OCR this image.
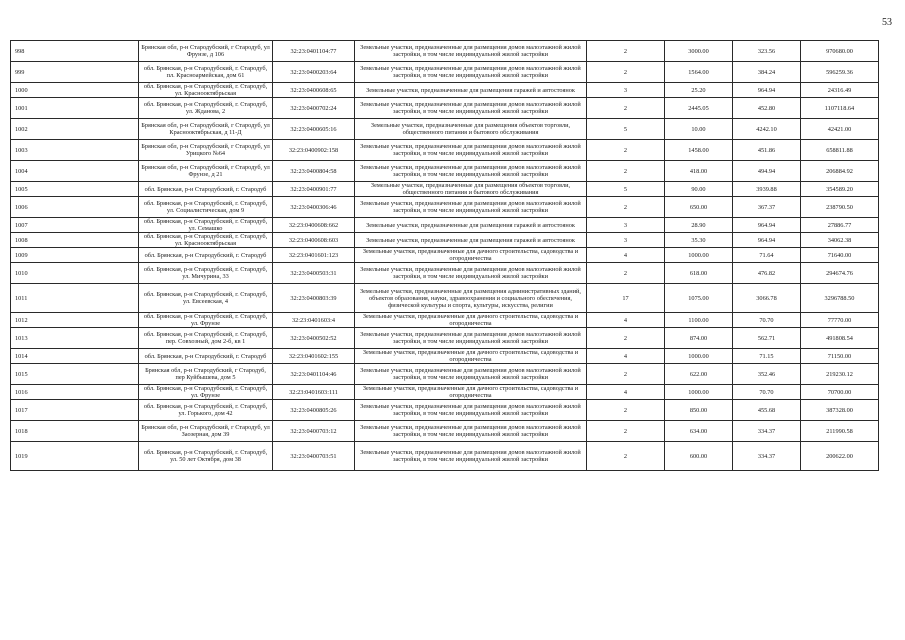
53
998	Брянская обл, р-н Стародубский, г Стародуб, ул Фрунзе, д 106	32:23:0401104:77	Земельные участки, предназначенные для размещения домов малоэтажной жилой застройки, в том числе индивидуальной жилой застройки	2	3000.00	323.56	970680.00
999	обл. Брянская, р-н Стародубский, г. Стародуб, пл. Красноармейская, дом 61	32:23:0400203:64	Земельные участки, предназначенные для размещения домов малоэтажной жилой застройки, в том числе индивидуальной жилой застройки	2	1564.00	384.24	596259.36
1000	обл. Брянская, р-н Стародубский, г. Стародуб, ул. Краснооктябрьская	32:23:0400608:65	Земельные участки, предназначенные для размещения гаражей и автостоянок	3	25.20	964.94	24316.49
1001	обл. Брянская, р-н Стародубский, г. Стародуб, ул. Жданова, 2	32:23:0400702:24	Земельные участки, предназначенные для размещения домов малоэтажной жилой застройки, в том числе индивидуальной жилой застройки	2	2445.05	452.80	1107118.64
1002	Брянская обл, р-н Стародубский, г Стародуб, ул Краснооктябрьская, д 11-Д	32:23:0400605:16	Земельные участки, предназначенные для размещения объектов торговли, общественного питания и бытового обслуживания	5	10.00	4242.10	42421.00
1003	Брянская обл, р-н Стародубский, г Стародуб, ул Урицкого №64	32:23:0400902:158	Земельные участки, предназначенные для размещения домов малоэтажной жилой застройки, в том числе индивидуальной жилой застройки	2	1458.00	451.86	658811.88
1004	Брянская обл, р-н Стародубский, г Стародуб, ул Фрунзе, д 21	32:23:0400804:58	Земельные участки, предназначенные для размещения домов малоэтажной жилой застройки, в том числе индивидуальной жилой застройки	2	418.00	494.94	206884.92
1005	обл. Брянская, р-н Стародубский, г. Стародуб	32:23:0400901:77	Земельные участки, предназначенные для размещения объектов торговли, общественного питания и бытового обслуживания	5	90.00	3939.88	354589.20
1006	обл. Брянская, р-н Стародубский, г. Стародуб, ул. Социалистическая, дом 9	32:23:0400306:46	Земельные участки, предназначенные для размещения домов малоэтажной жилой застройки, в том числе индивидуальной жилой застройки	2	650.00	367.37	238790.50
1007	обл. Брянская, р-н Стародубский, г. Стародуб, ул. Семашко	32:23:0400608:662	Земельные участки, предназначенные для размещения гаражей и автостоянок	3	28.90	964.94	27886.77
1008	обл. Брянская, р-н Стародубский, г. Стародуб, ул. Краснооктябрьская	32:23:0400608:603	Земельные участки, предназначенные для размещения гаражей и автостоянок	3	35.30	964.94	34062.38
1009	обл. Брянская, р-н Стародубский, г. Стародуб	32:23:0401601:123	Земельные участки, предназначенные для дачного строительства, садоводства и огородничества	4	1000.00	71.64	71640.00
1010	обл. Брянская, р-н Стародубский, г. Стародуб, ул. Мичурина, 33	32:23:0400503:31	Земельные участки, предназначенные для размещения домов малоэтажной жилой застройки, в том числе индивидуальной жилой застройки	2	618.00	476.82	294674.76
1011	обл. Брянская, р-н Стародубский, г. Стародуб, ул. Евсеевская, 4	32:23:0400803:39	Земельные участки, предназначенные для размещения административных зданий, объектов образования, науки, здравоохранения и социального обеспечения, физической культуры и спорта, культуры, искусства, религии	17	1075.00	3066.78	3296788.50
1012	обл. Брянская, р-н Стародубский, г. Стародуб, ул. Фрунзе	32:23:0401603:4	Земельные участки, предназначенные для дачного строительства, садоводства и огородничества	4	1100.00	70.70	77770.00
1013	обл. Брянская, р-н Стародубский, г. Стародуб, пер. Совхозный, дом 2-б, кв 1	32:23:0400502:52	Земельные участки, предназначенные для размещения домов малоэтажной жилой застройки, в том числе индивидуальной жилой застройки	2	874.00	562.71	491808.54
1014	обл. Брянская, р-н Стародубский, г. Стародуб	32:23:0401602:155	Земельные участки, предназначенные для дачного строительства, садоводства и огородничества	4	1000.00	71.15	71150.00
1015	Брянская обл, р-н Стародубский, г Стародуб, пер Куйбышева, дом 5	32:23:0401104:46	Земельные участки, предназначенные для размещения домов малоэтажной жилой застройки, в том числе индивидуальной жилой застройки	2	622.00	352.46	219230.12
1016	обл. Брянская, р-н Стародубский, г. Стародуб, ул. Фрунзе	32:23:0401603:111	Земельные участки, предназначенные для дачного строительства, садоводства и огородничества	4	1000.00	70.70	70700.00
1017	обл. Брянская, р-н Стародубский, г. Стародуб, ул. Горького, дом 42	32:23:0400805:26	Земельные участки, предназначенные для размещения домов малоэтажной жилой застройки, в том числе индивидуальной жилой застройки	2	850.00	455.68	387328.00
1018	Брянская обл, р-н Стародубский, г Стародуб, ул Заозерная, дом 39	32:23:0400703:12	Земельные участки, предназначенные для размещения домов малоэтажной жилой застройки, в том числе индивидуальной жилой застройки	2	634.00	334.37	211990.58
1019	обл. Брянская, р-н Стародубский, г. Стародуб, ул. 50 лет Октября, дом 38	32:23:0400703:51	Земельные участки, предназначенные для размещения домов малоэтажной жилой застройки, в том числе индивидуальной жилой застройки	2	600.00	334.37	200622.00
